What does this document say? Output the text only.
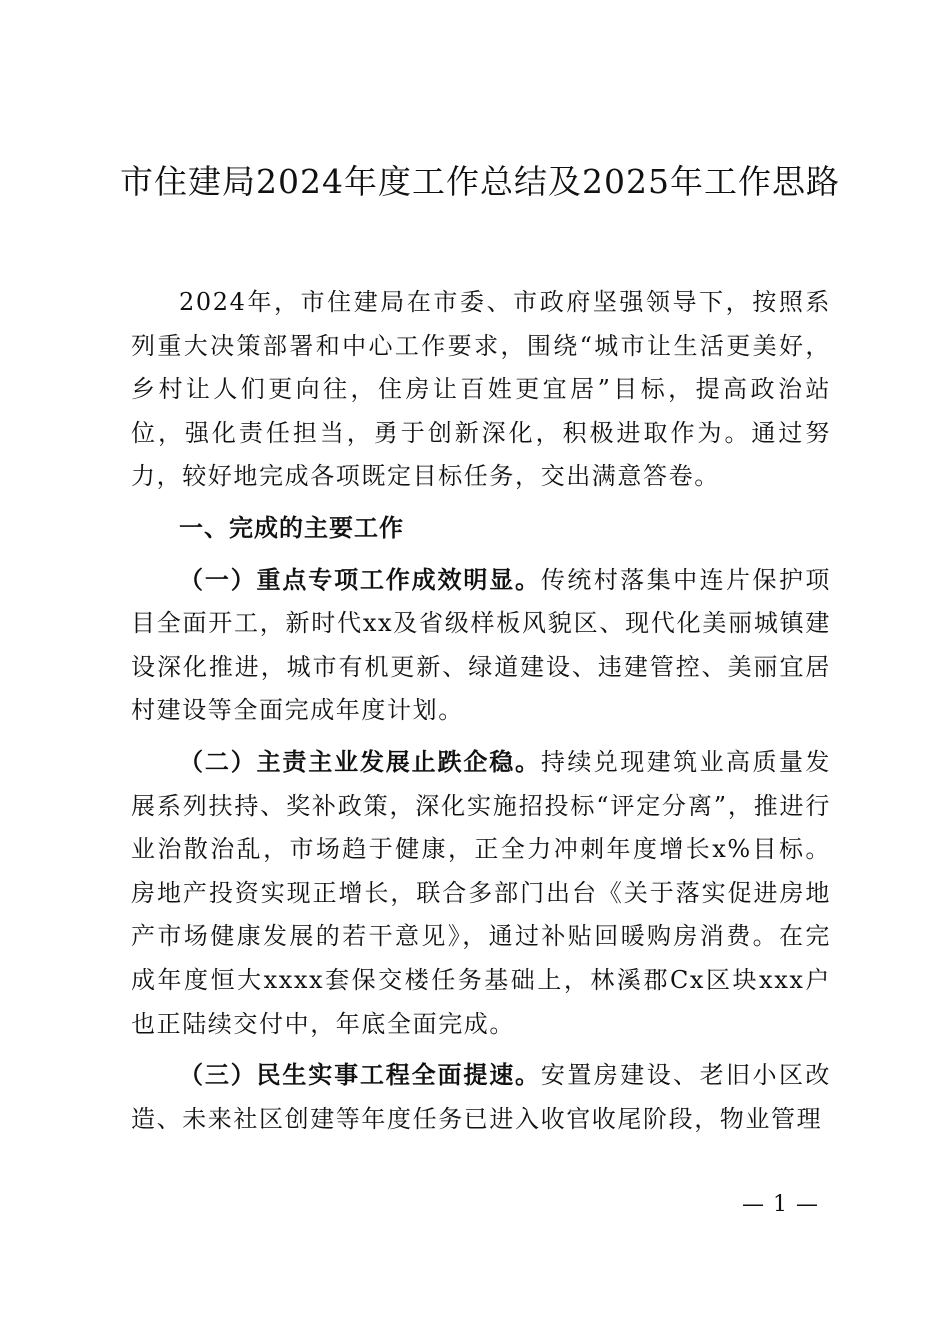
市住建局2024年度工作总结及2025年工作思路

2024年，市住建局在市委、市政府坚强领导下，按照系列重大决策部署和中心工作要求，围绕“城市让生活更美好，乡村让人们更向往，住房让百姓更宜居”目标，提高政治站位，强化责任担当，勇于创新深化，积极进取作为。通过努力，较好地完成各项既定目标任务，交出满意答卷。

一、完成的主要工作

（一）重点专项工作成效明显。传统村落集中连片保护项目全面开工，新时代xx及省级样板风貌区、现代化美丽城镇建设深化推进，城市有机更新、绿道建设、违建管控、美丽宜居村建设等全面完成年度计划。

（二）主责主业发展止跌企稳。持续兑现建筑业高质量发展系列扶持、奖补政策，深化实施招投标“评定分离”，推进行业治散治乱，市场趋于健康，正全力冲刺年度增长x%目标。房地产投资实现正增长，联合多部门出台《关于落实促进房地产市场健康发展的若干意见》，通过补贴回暖购房消费。在完成年度恒大xxxx套保交楼任务基础上，林溪郡Cx区块xxx户也正陆续交付中，年底全面完成。

（三）民生实事工程全面提速。安置房建设、老旧小区改造、未来社区创建等年度任务已进入收官收尾阶段，物业管理

— 1 —
